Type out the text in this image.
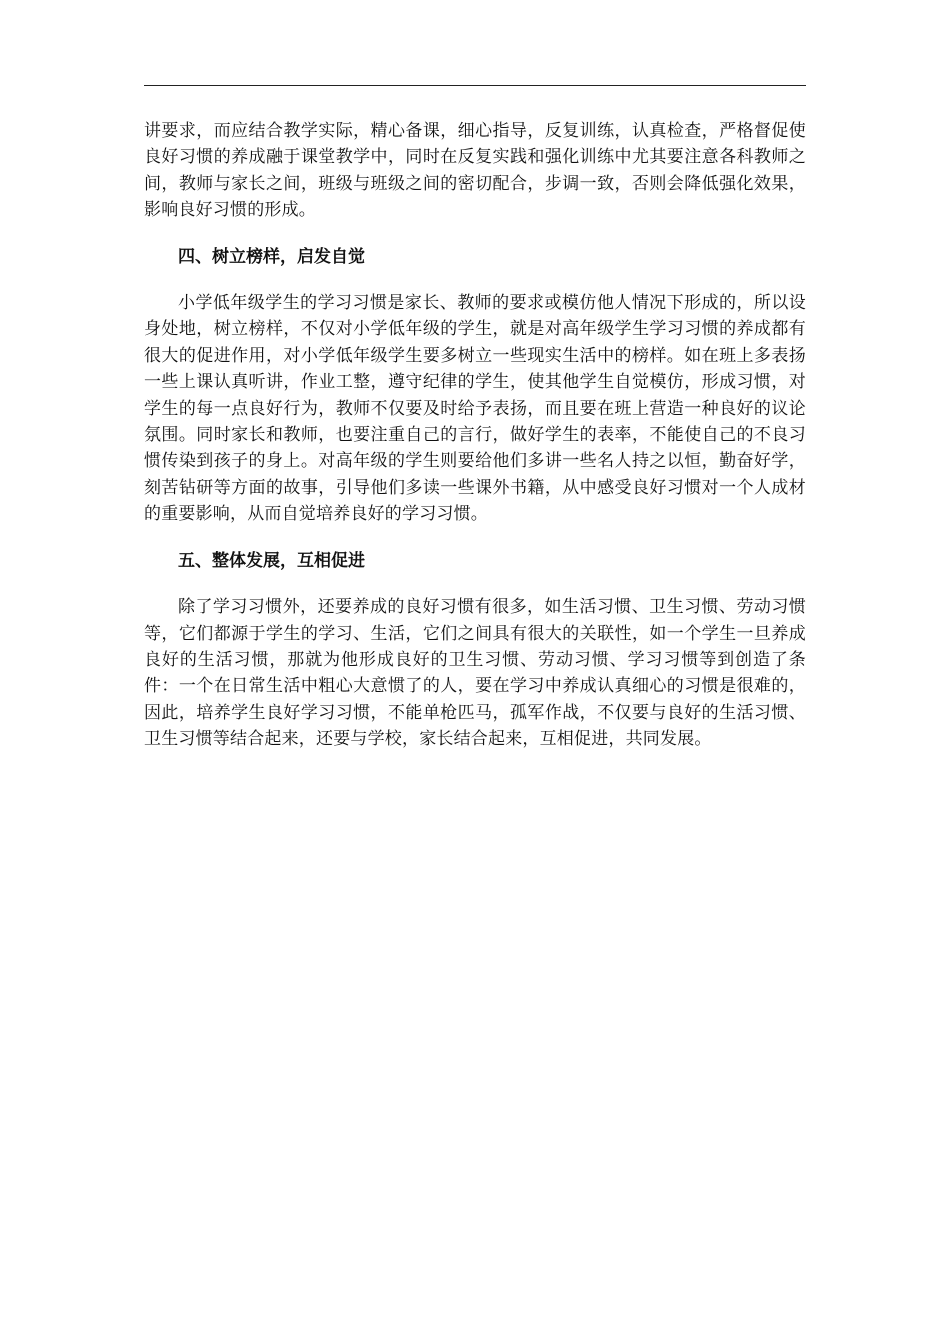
讲要求，而应结合教学实际，精心备课，细心指导，反复训练，认真检查，严格督促使良好习惯的养成融于课堂教学中，同时在反复实践和强化训练中尤其要注意各科教师之间，教师与家长之间，班级与班级之间的密切配合，步调一致，否则会降低强化效果，影响良好习惯的形成。

四、树立榜样，启发自觉

小学低年级学生的学习习惯是家长、教师的要求或模仿他人情况下形成的，所以设身处地，树立榜样，不仅对小学低年级的学生，就是对高年级学生学习习惯的养成都有很大的促进作用，对小学低年级学生要多树立一些现实生活中的榜样。如在班上多表扬一些上课认真听讲，作业工整，遵守纪律的学生，使其他学生自觉模仿，形成习惯，对学生的每一点良好行为，教师不仅要及时给予表扬，而且要在班上营造一种良好的议论氛围。同时家长和教师，也要注重自己的言行，做好学生的表率，不能使自己的不良习惯传染到孩子的身上。对高年级的学生则要给他们多讲一些名人持之以恒，勤奋好学，刻苦钻研等方面的故事，引导他们多读一些课外书籍，从中感受良好习惯对一个人成材的重要影响，从而自觉培养良好的学习习惯。

五、整体发展，互相促进

除了学习习惯外，还要养成的良好习惯有很多，如生活习惯、卫生习惯、劳动习惯等，它们都源于学生的学习、生活，它们之间具有很大的关联性，如一个学生一旦养成良好的生活习惯，那就为他形成良好的卫生习惯、劳动习惯、学习习惯等到创造了条件：一个在日常生活中粗心大意惯了的人，要在学习中养成认真细心的习惯是很难的，因此，培养学生良好学习习惯，不能单枪匹马，孤军作战，不仅要与良好的生活习惯、卫生习惯等结合起来，还要与学校，家长结合起来，互相促进，共同发展。
